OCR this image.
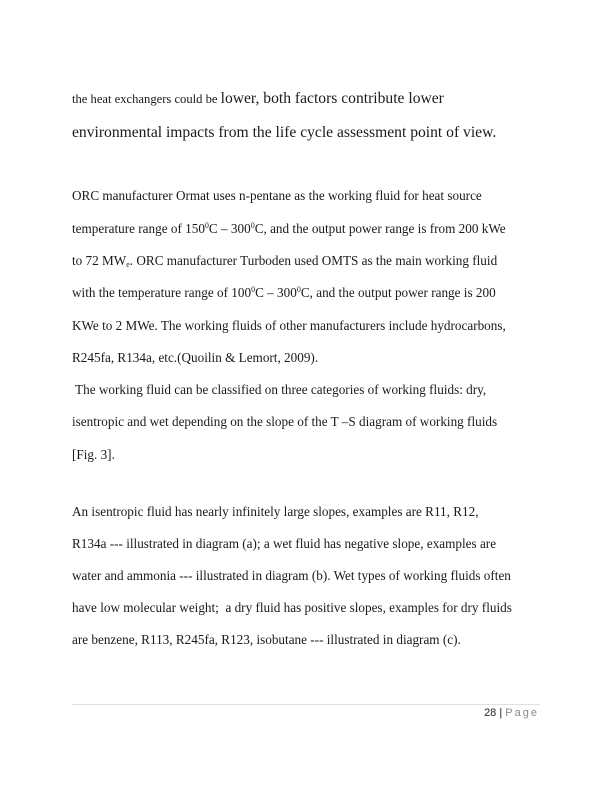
the heat exchangers could be lower, both factors contribute lower
environmental impacts from the life cycle assessment point of view.
ORC manufacturer Ormat uses n-pentane as the working fluid for heat source
temperature range of $150^0C - 300^0C$, and the output power range is from 200 kWe
to 72 $MW_e$. ORC manufacturer Turboden used OMTS as the main working fluid
with the temperature range of $100^0C - 300^0C$, and the output power range is 200
KWe to 2 MWe. The working fluids of other manufacturers include hydrocarbons,
R245fa, R134a, etc.(Quoilin & Lemort, 2009).
The working fluid can be classified on three categories of working fluids: dry,
isentropic and wet depending on the slope of the T –S diagram of working fluids
[Fig. 3].
An isentropic fluid has nearly infinitely large slopes, examples are R11, R12,
R134a --- illustrated in diagram (a); a wet fluid has negative slope, examples are
water and ammonia --- illustrated in diagram (b). Wet types of working fluids often
have low molecular weight;  a dry fluid has positive slopes, examples for dry fluids
are benzene, R113, R245fa, R123, isobutane --- illustrated in diagram (c).
28 | Page
